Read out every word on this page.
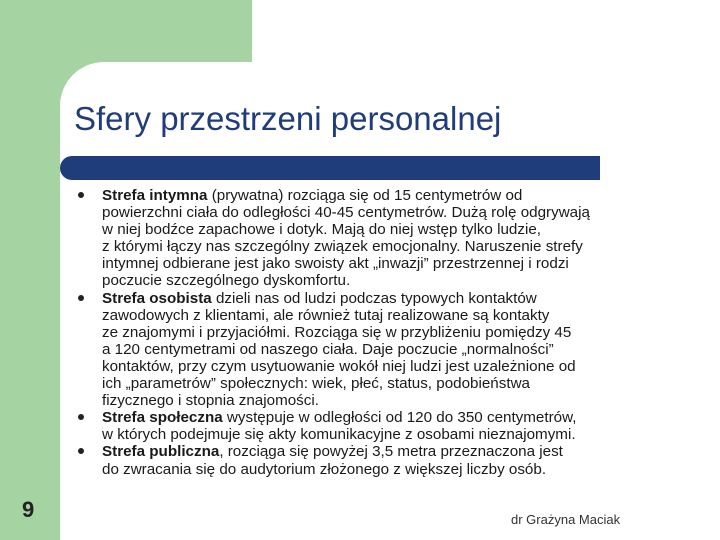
Sfery przestrzeni personalnej
Strefa intymna (prywatna) rozciąga się od 15 centymetrów od
powierzchni ciała do odległości 40-45 centymetrów. Dużą rolę odgrywają
w niej bodźce zapachowe i dotyk. Mają do niej wstęp tylko ludzie,
z którymi łączy nas szczególny związek emocjonalny. Naruszenie strefy
intymnej odbierane jest jako swoisty akt „inwazji” przestrzennej i rodzi
poczucie szczególnego dyskomfortu.
Strefa osobista dzieli nas od ludzi podczas typowych kontaktów
zawodowych z klientami, ale również tutaj realizowane są kontakty
ze znajomymi i przyjaciółmi. Rozciąga się w przybliżeniu pomiędzy 45
a 120 centymetrami od naszego ciała. Daje poczucie „normalności”
kontaktów, przy czym usytuowanie wokół niej ludzi jest uzależnione od
ich „parametrów” społecznych: wiek, płeć, status, podobieństwa
fizycznego i stopnia znajomości.
Strefa społeczna występuje w odległości od 120 do 350 centymetrów,
w których podejmuje się akty komunikacyjne z osobami nieznajomymi.
Strefa publiczna, rozciąga się powyżej 3,5 metra przeznaczona jest
do zwracania się do audytorium złożonego z większej liczby osób.
9	dr Grażyna Maciak
